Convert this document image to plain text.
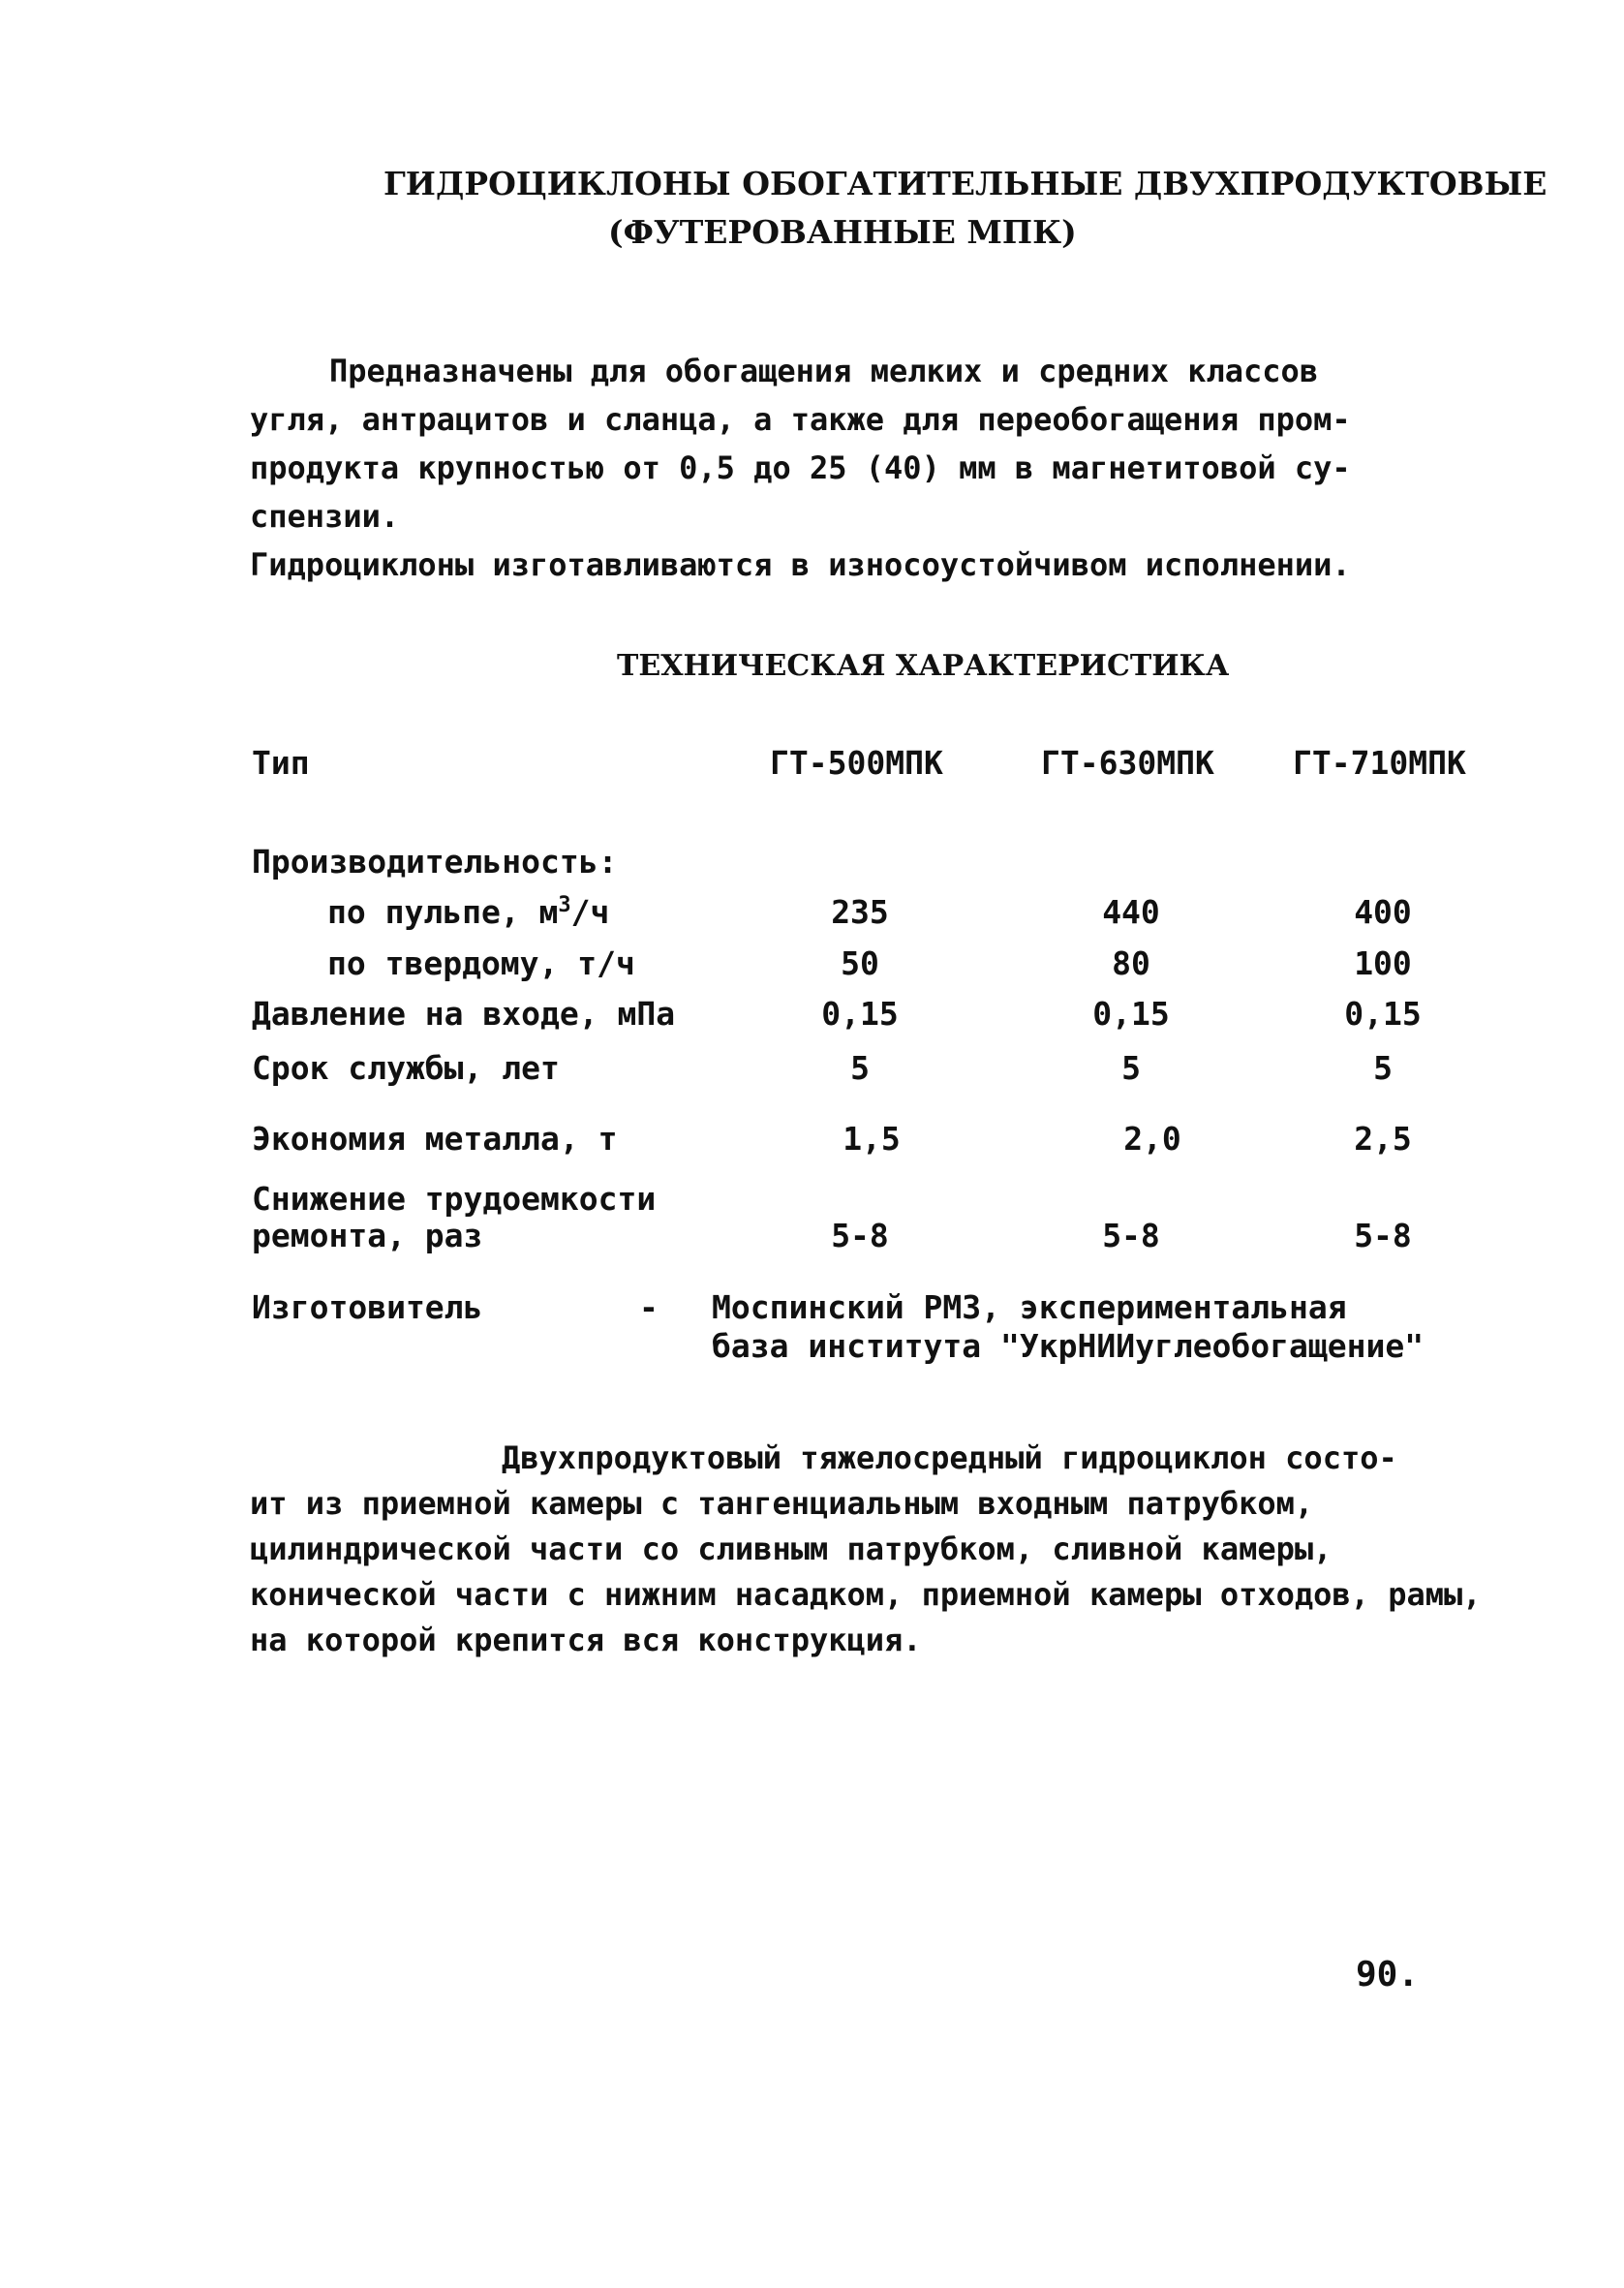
ГИДРОЦИКЛОНЫ ОБОГАТИТЕЛЬНЫЕ ДВУХПРОДУКТОВЫЕ
(ФУТЕРОВАННЫЕ МПК)
Предназначены для обогащения мелких и средних классов
угля, антрацитов и сланца, а также для переобогащения пром-
продукта крупностью от 0,5 до 25 (40) мм в магнетитовой су-
спензии.
Гидроциклоны изготавливаются в износоустойчивом исполнении.
ТЕХНИЧЕСКАЯ ХАРАКТЕРИСТИКА
Тип	ГТ-500МПК	ГТ-630МПК ГТ-710МПК
Производительность:
по пульпе, $м^3/ч$	235	440	400
по твердому, т/ч	50	80	100
Давление на входе, мПа	0,15	0,15	0,15
Срок службы, лет	5	5	5
Экономия металла, т	1,5	2,0	2,5
Снижение трудоемкости
ремонта, раз	5-8	5-8	5-8
Изготовитель	- Моспинский РМЗ, экспериментальная
база института "УкрНИИуглеобогащение"
Двухпродуктовый тяжелосредный гидроциклон состо-
ит из приемной камеры с тангенциальным входным патрубком,
цилиндрической части со сливным патрубком, сливной камеры,
конической части с нижним насадком, приемной камеры отходов, рамы,
на которой крепится вся конструкция.
90.
